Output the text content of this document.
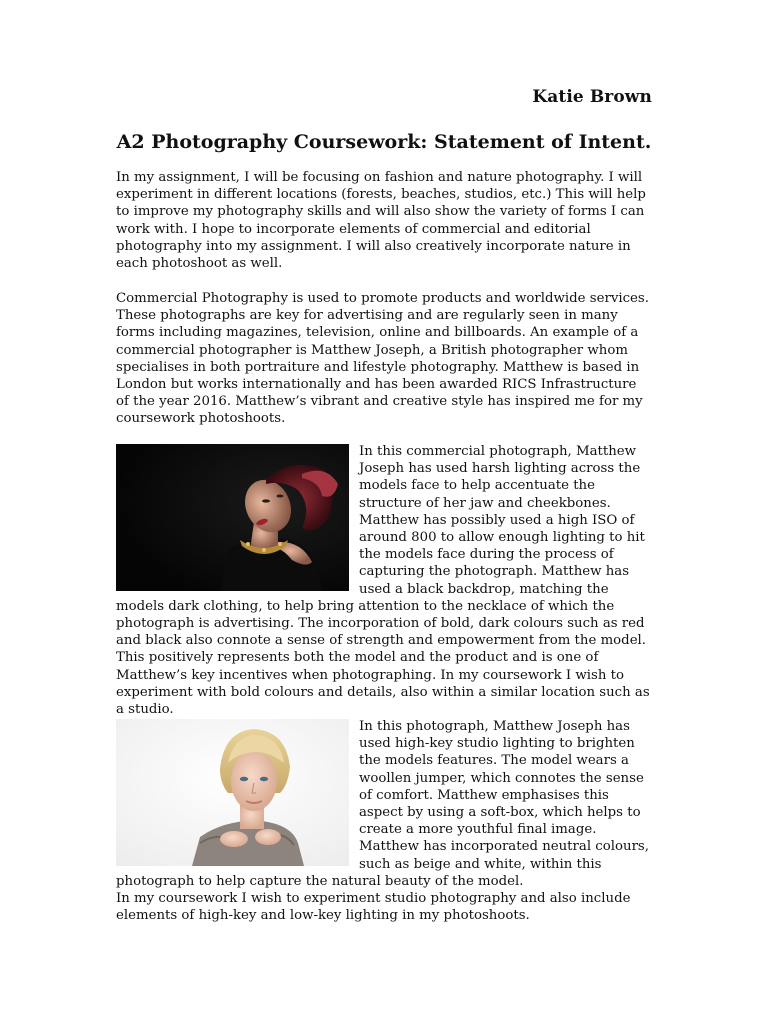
Katie Brown
A2 Photography Coursework: Statement of Intent.

In my assignment, I will be focusing on fashion and nature photography. I will experiment in different locations (forests, beaches, studios, etc.) This will help to improve my photography skills and will also show the variety of forms I can work with. I hope to incorporate elements of commercial and editorial photography into my assignment. I will also creatively incorporate nature in each photoshoot as well.

Commercial Photography is used to promote products and worldwide services. These photographs are key for advertising and are regularly seen in many forms including magazines, television, online and billboards. An example of a commercial photographer is Matthew Joseph, a British photographer whom specialises in both portraiture and lifestyle photography. Matthew is based in London but works internationally and has been awarded RICS Infrastructure of the year 2016. Matthew’s vibrant and creative style has inspired me for my coursework photoshoots.

In this commercial photograph, Matthew Joseph has used harsh lighting across the models face to help accentuate the structure of her jaw and cheekbones. Matthew has possibly used a high ISO of around 800 to allow enough lighting to hit the models face during the process of capturing the photograph. Matthew has used a black backdrop, matching the models dark clothing, to help bring attention to the necklace of which the photograph is advertising. The incorporation of bold, dark colours such as red and black also connote a sense of strength and empowerment from the model. This positively represents both the model and the product and is one of Matthew’s key incentives when photographing. In my coursework I wish to experiment with bold colours and details, also within a similar location such as a studio.
In this photograph, Matthew Joseph has used high-key studio lighting to brighten the models features. The model wears a woollen jumper, which connotes the sense of comfort. Matthew emphasises this aspect by using a soft-box, which helps to create a more youthful final image. Matthew has incorporated neutral colours, such as beige and white, within this photograph to help capture the natural beauty of the model.
In my coursework I wish to experiment studio photography and also include elements of high-key and low-key lighting in my photoshoots.
